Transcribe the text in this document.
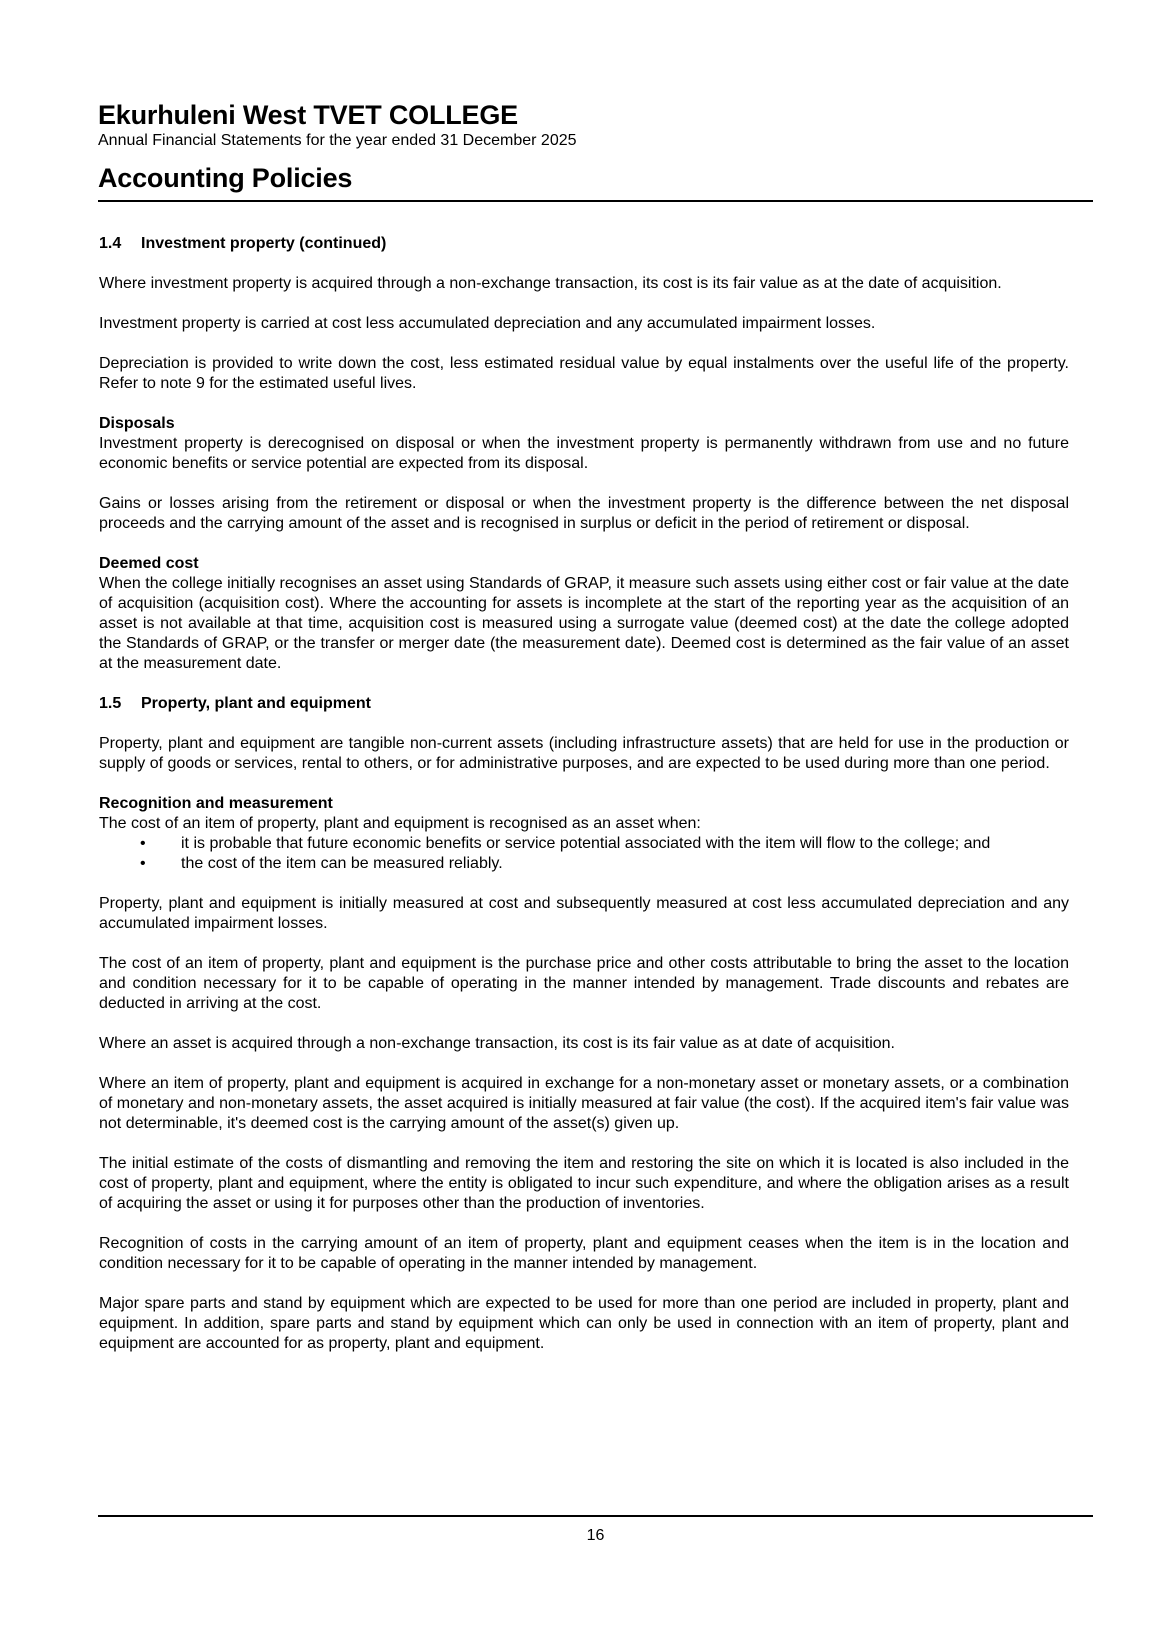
Ekurhuleni West TVET COLLEGE

Annual Financial Statements for the year ended 31 December 2025

Accounting Policies
1.4 Investment property (continued)

Where investment property is acquired through a non-exchange transaction, its cost is its fair value as at the date of acquisition.

Investment property is carried at cost less accumulated depreciation and any accumulated impairment losses.

Depreciation is provided to write down the cost, less estimated residual value by equal instalments over the useful life of the property. Refer to note 9 for the estimated useful lives.

Disposals

Investment property is derecognised on disposal or when the investment property is permanently withdrawn from use and no future economic benefits or service potential are expected from its disposal.

Gains or losses arising from the retirement or disposal or when the investment property is the difference between the net disposal proceeds and the carrying amount of the asset and is recognised in surplus or deficit in the period of retirement or disposal.

Deemed cost

When the college initially recognises an asset using Standards of GRAP, it measure such assets using either cost or fair value at the date of acquisition (acquisition cost). Where the accounting for assets is incomplete at the start of the reporting year as the acquisition of an asset is not available at that time, acquisition cost is measured using a surrogate value (deemed cost) at the date the college adopted the Standards of GRAP, or the transfer or merger date (the measurement date). Deemed cost is determined as the fair value of an asset at the measurement date.

1.5 Property, plant and equipment

Property, plant and equipment are tangible non-current assets (including infrastructure assets) that are held for use in the production or supply of goods or services, rental to others, or for administrative purposes, and are expected to be used during more than one period.

Recognition and measurement

The cost of an item of property, plant and equipment is recognised as an asset when:

• it is probable that future economic benefits or service potential associated with the item will flow to the college; and
• the cost of the item can be measured reliably.

Property, plant and equipment is initially measured at cost and subsequently measured at cost less accumulated depreciation and any accumulated impairment losses.

The cost of an item of property, plant and equipment is the purchase price and other costs attributable to bring the asset to the location and condition necessary for it to be capable of operating in the manner intended by management. Trade discounts and rebates are deducted in arriving at the cost.

Where an asset is acquired through a non-exchange transaction, its cost is its fair value as at date of acquisition.

Where an item of property, plant and equipment is acquired in exchange for a non-monetary asset or monetary assets, or a combination of monetary and non-monetary assets, the asset acquired is initially measured at fair value (the cost). If the acquired item's fair value was not determinable, it's deemed cost is the carrying amount of the asset(s) given up.

The initial estimate of the costs of dismantling and removing the item and restoring the site on which it is located is also included in the cost of property, plant and equipment, where the entity is obligated to incur such expenditure, and where the obligation arises as a result of acquiring the asset or using it for purposes other than the production of inventories.

Recognition of costs in the carrying amount of an item of property, plant and equipment ceases when the item is in the location and condition necessary for it to be capable of operating in the manner intended by management.

Major spare parts and stand by equipment which are expected to be used for more than one period are included in property, plant and equipment. In addition, spare parts and stand by equipment which can only be used in connection with an item of property, plant and equipment are accounted for as property, plant and equipment.

16
